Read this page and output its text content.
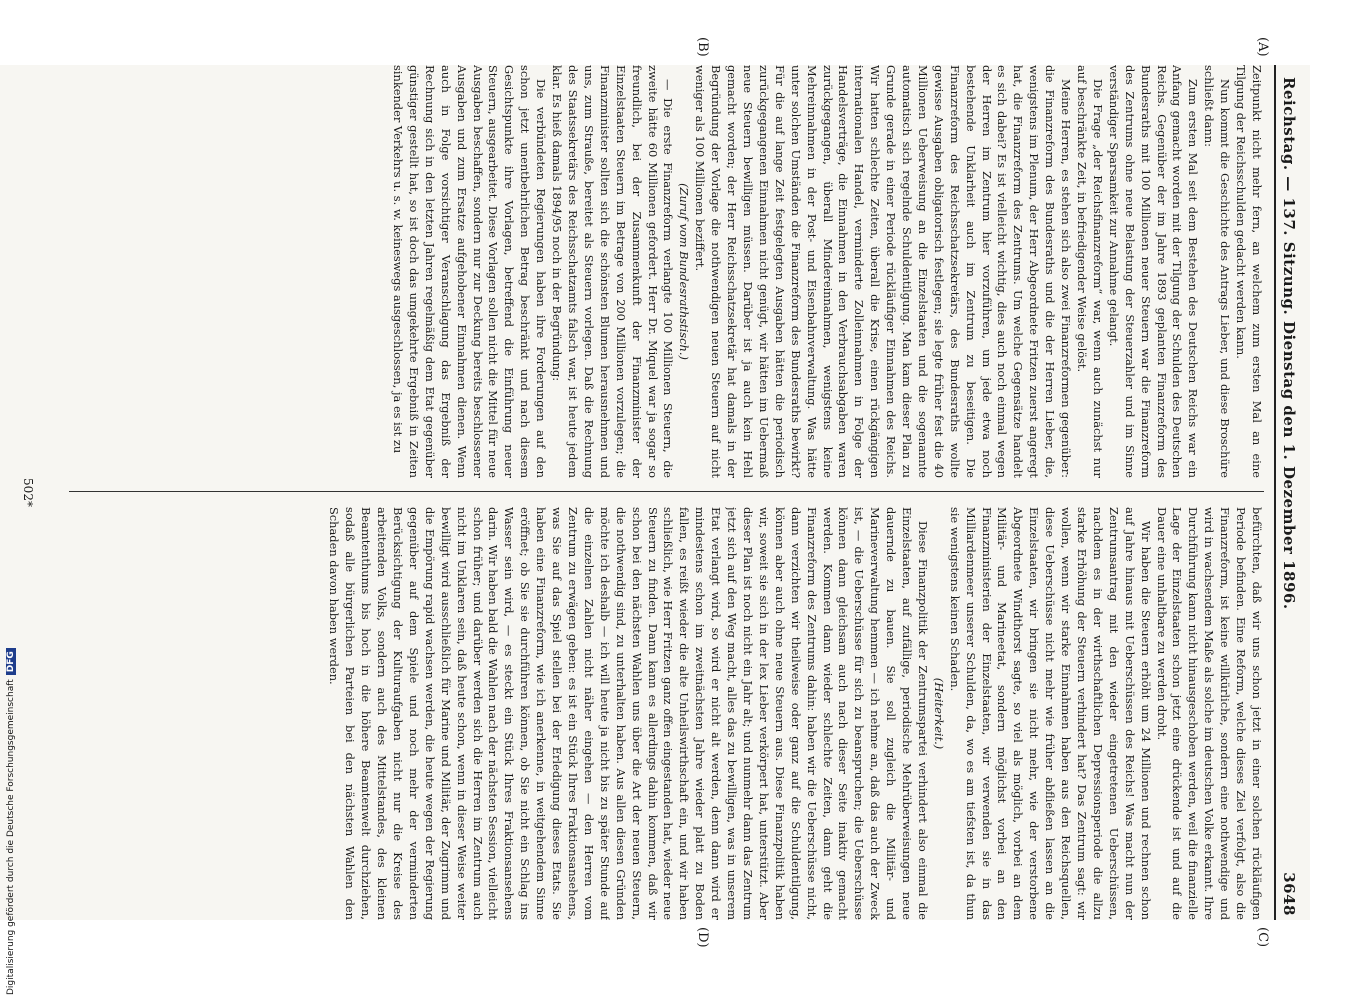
3648
Reichstag. — 137. Sitzung. Dienstag den 1. Dezember 1896.
(A)
(B)
(C)
(D)

Zeitpunkt nicht mehr fern, an welchem zum ersten Mal an eine Tilgung der Reichsschulden gedacht werden kann.

Nun kommt die Geschichte des Antrags Lieber, und diese Broschüre schließt dann:

Zum ersten Mal seit dem Bestehen des Deutschen Reichs war ein Anfang gemacht worden mit der Tilgung der Schulden des Deutschen Reichs. Gegenüber der im Jahre 1893 geplanten Finanzreform des Bundesraths mit 100 Millionen neuer Steuern war die Finanzreform des Zentrums ohne neue Belastung der Steuerzahler und im Sinne verständiger Sparsamkeit zur Annahme gelangt.

Die Frage „der Reichsfinanzreform“ war, wenn auch zunächst nur auf beschränkte Zeit, in befriedigender Weise gelöst.

Meine Herren, es stehen sich also zwei Finanzreformen gegenüber: die Finanzreform des Bundesraths und die der Herren Lieber, die, wenigstens im Plenum, der Herr Abgeordnete Fritzen zuerst angeregt hat, die Finanzreform des Zentrums. Um welche Gegensätze handelt es sich dabei? Es ist vielleicht wichtig, dies auch noch einmal wegen der Herren im Zentrum hier vorzuführen, um jede etwa noch bestehende Unklarheit auch im Zentrum zu beseitigen. Die Finanzreform des Reichsschatzsekretärs, des Bundesraths wollte gewisse Ausgaben obligatorisch festlegen; sie legte früher fest die 40 Millionen Ueberweisung an die Einzelstaaten und die sogenannte automatisch sich regelnde Schuldentilgung. Man kam dieser Plan zu Grunde gerade in einer Periode rückläufiger Einnahmen des Reichs. Wir hatten schlechte Zeiten, überall die Krise, einen rückgängigen internationalen Handel, verminderte Zolleinnahmen in Folge der Handelsverträge, die Einnahmen in den Verbrauchsabgaben waren zurückgegangen, überall Mindereinnahmen, wenigstens keine Mehreinnahmen in der Post- und Eisenbahnverwaltung. Was hätte unter solchen Umständen die Finanzreform des Bundesraths bewirkt? Für die auf lange Zeit festgelegten Ausgaben hätten die periodisch zurückgegangenen Einnahmen nicht genügt, wir hätten im Uebermaß neue Steuern bewilligen müssen. Darüber ist ja auch kein Hehl gemacht worden; der Herr Reichsschatzsekretär hat damals in der Begründung der Vorlage die nothwendigen neuen Steuern auf nicht weniger als 100 Millionen beziffert.

(Zuruf vom Bundesrathstisch.)

— Die erste Finanzreform verlangte 100 Millionen Steuern, die zweite hätte 60 Millionen gefordert. Herr Dr. Miquel war ja sogar so freundlich, bei der Zusammenkunft der Finanzminister der Einzelstaaten Steuern im Betrage von 200 Millionen vorzulegen; die Finanzminister sollten sich die schönsten Blumen herausnehmen und uns, zum Straußе, bereitet als Steuern vorlegen. Daß die Rechnung des Staatssekretärs des Reichsschatzamts falsch war, ist heute jedem klar. Es hieß damals 1894/95 noch in der Begründung:

Die verbündeten Regierungen haben ihre Forderungen auf den schon jetzt unentbehrlichen Betrag beschränkt und nach diesem Gesichtspunkte ihre Vorlagen, betreffend die Einführung neuer Steuern, ausgearbeitet. Diese Vorlagen sollen nicht die Mittel für neue Ausgaben beschaffen, sondern nur zur Deckung bereits beschlossener Ausgaben und zum Ersatze aufgehobener Einnahmen dienen. Wenn auch in Folge vorsichtiger Veranschlagung das Ergebniß der Rechnung sich in den letzten Jahren regelmäßig dem Etat gegenüber günstiger gestellt hat, so ist doch das umgekehrte Ergebniß in Zeiten sinkender Verkehrs u. s. w. keineswegs ausgeschlossen, ja es ist zu

befürchten, daß wir uns schon jetzt in einer solchen rückläufigen Periode befinden. Eine Reform, welche dieses Ziel verfolgt, also die Finanzreform, ist keine willkürliche, sondern eine nothwendige und wird in wachsendem Maße als solche im deutschen Volke erkannt. Ihre Durchführung kann nicht hinausgeschoben werden, weil die finanzielle Lage der Einzelstaaten schon jetzt eine drückende ist und auf die Dauer eine unhaltbare zu werden droht.

Wir haben die Steuern erhöht um 24 Millionen und rechnen schon auf Jahre hinaus mit Ueberschüssen des Reichs! Was macht nun der Zentrumsantrag mit den wieder eingetretenen Ueberschüssen, nachdem es in der wirthschaftlichen Depressionsperiode die allzu starke Erhöhung der Steuern verhindert hat? Das Zentrum sagt: wir wollen, wenn wir starke Einnahmen haben aus den Reichsquellen, diese Ueberschüsse nicht mehr wie früher abfließen lassen an die Einzelstaaten, wir bringen sie nicht mehr, wie der verstorbene Abgeordnete Windthorst sagte, so viel als möglich, vorbei an dem Militär- und Marineetat, sondern möglichst vorbei an den Finanzministerien der Einzelstaaten, wir verwenden sie in das Milliardenmeer unserer Schulden, da, wo es am tiefsten ist, da thun sie wenigstens keinen Schaden.

(Heiterkeit.)

Diese Finanzpolitik der Zentrumspartei verhindert also einmal die Einzelstaaten, auf zufällige, periodische Mehrüberweisungen neue dauernde zu bauen. Sie soll zugleich die Militär- und Marineverwaltung hemmen — ich nehme an, daß das auch der Zweck ist, — die Ueberschüsse für sich zu beanspruchen; die Ueberschüsse können dann gleichsam auch nach dieser Seite inaktiv gemacht werden. Kommen dann wieder schlechte Zeiten, dann geht die Finanzreform des Zentrums dahin: haben wir die Ueberschüsse nicht, dann verzichten wir theilweise oder ganz auf die Schuldentilgung, können aber auch ohne neue Steuern aus. Diese Finanzpolitik haben wir, soweit sie sich in der lex Lieber verkörpert hat, unterstützt. Aber dieser Plan ist noch nicht ein Jahr alt; und nunmehr dann das Zentrum jetzt sich auf den Weg macht, alles das zu bewilligen, was in unserem Etat verlangt wird, so wird er nicht alt werden, denn dann wird er mindestens schon im zweitnächsten Jahre wieder platt zu Boden fallen, es reißt wieder die alte Unheilswirthschaft ein, und wir haben schließlich, wie Herr Fritzen ganz offen eingestanden hat, wieder neue Steuern zu finden. Dann kann es allerdings dahin kommen, daß wir schon bei den nächsten Wahlen uns über die Art der neuen Steuern, die nothwendig sind, zu unterhalten haben. Aus allen diesen Gründen möchte ich deshalb — ich will heute ja nicht bis zu später Stunde auf die einzelnen Zahlen nicht näher eingehen — den Herren vom Zentrum zu erwägen geben: es ist ein Stück Ihres Fraktionsansehens, was Sie auf das Spiel stellen bei der Erledigung dieses Etats. Sie haben eine Finanzreform, wie ich anerkenne, in weitgehendem Sinne eröffnet; ob Sie sie durchführen können, ob Sie nicht ein Schlag ins Wasser sein wird, — es steckt ein Stück Ihres Fraktionsansehens darin. Wir haben bald die Wahlen nach der nächsten Session, vielleicht schon früher; und darüber werden sich die Herren im Zentrum auch nicht im Unklaren sein, daß heute schon, wenn in dieser Weise weiter bewilligt wird ausschließlich für Marine und Militär, der Zugrimm und die Empörung rapid wachsen werden, die heute wegen der Regierung gegenüber auf dem Spiele und noch mehr der verminderten Berücksichtigung der Kulturaufgaben nicht nur die Kreise des arbeitenden Volks, sondern auch des Mittelstandes, des kleinen Beamtenthums bis hoch in die höhere Beamtenwelt durchziehen, sodaß alle bürgerlichen Parteien bei den nächsten Wahlen den Schaden davon haben werden.

502*
Digitalisierung gefördert durch die Deutsche Forschungsgemeinschaft
DFG
